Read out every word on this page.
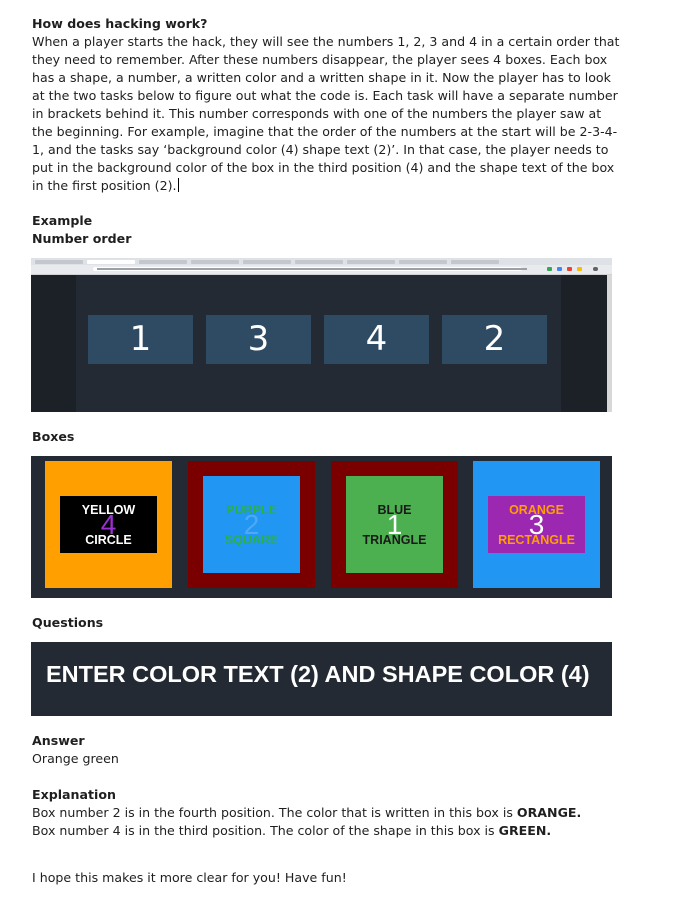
How does hacking work?

When a player starts the hack, they will see the numbers 1, 2, 3 and 4 in a certain order that they need to remember. After these numbers disappear, the player sees 4 boxes. Each box has a shape, a number, a written color and a written shape in it. Now the player has to look at the two tasks below to figure out what the code is. Each task will have a separate number in brackets behind it. This number corresponds with one of the numbers the player saw at the beginning. For example, imagine that the order of the numbers at the start will be 2-3-4-1, and the tasks say ‘background color (4) shape text (2)’. In that case, the player needs to put in the background color of the box in the third position (4) and the shape text of the box in the first position (2).

Example
Number order
1	3	4	2
Boxes
YELLOW
CIRCLE
4	PURPLE
SQUARE
2	BLUE
TRIANGLE
1	ORANGE
RECTANGLE
3
Questions
ENTER COLOR TEXT (2) AND SHAPE COLOR (4)
Answer
Orange green
Explanation
Box number 2 is in the fourth position. The color that is written in this box is ORANGE.
Box number 4 is in the third position. The color of the shape in this box is GREEN.
I hope this makes it more clear for you! Have fun!
